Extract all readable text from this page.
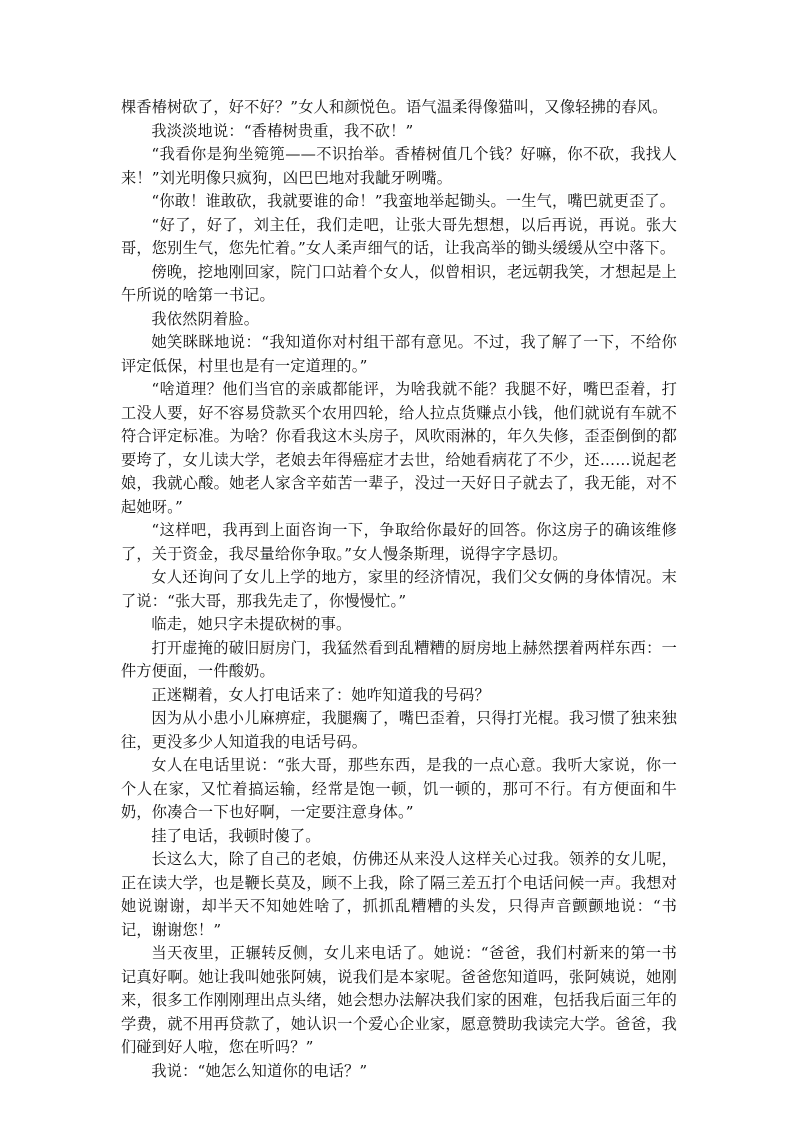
棵香椿树砍了，好不好？”女人和颜悦色。语气温柔得像猫叫，又像轻拂的春风。

我淡淡地说：“香椿树贵重，我不砍！”

“我看你是狗坐箢篼——不识抬举。香椿树值几个钱？好嘛，你不砍，我找人来！”刘光明像只疯狗，凶巴巴地对我龇牙咧嘴。

“你敢！谁敢砍，我就要谁的命！”我蛮地举起锄头。一生气，嘴巴就更歪了。

“好了，好了，刘主任，我们走吧，让张大哥先想想，以后再说，再说。张大哥，您别生气，您先忙着。”女人柔声细气的话，让我高举的锄头缓缓从空中落下。

傍晚，挖地刚回家，院门口站着个女人，似曾相识，老远朝我笑，才想起是上午所说的啥第一书记。

我依然阴着脸。

她笑眯眯地说：“我知道你对村组干部有意见。不过，我了解了一下，不给你评定低保，村里也是有一定道理的。”

“啥道理？他们当官的亲戚都能评，为啥我就不能？我腿不好，嘴巴歪着，打工没人要，好不容易贷款买个农用四轮，给人拉点货赚点小钱，他们就说有车就不符合评定标准。为啥？你看我这木头房子，风吹雨淋的，年久失修，歪歪倒倒的都要垮了，女儿读大学，老娘去年得癌症才去世，给她看病花了不少，还……说起老娘，我就心酸。她老人家含辛茹苦一辈子，没过一天好日子就去了，我无能，对不起她呀。”

“这样吧，我再到上面咨询一下，争取给你最好的回答。你这房子的确该维修了，关于资金，我尽量给你争取。”女人慢条斯理，说得字字恳切。

女人还询问了女儿上学的地方，家里的经济情况，我们父女俩的身体情况。末了说：“张大哥，那我先走了，你慢慢忙。”

临走，她只字未提砍树的事。

打开虚掩的破旧厨房门，我猛然看到乱糟糟的厨房地上赫然摆着两样东西：一件方便面，一件酸奶。

正迷糊着，女人打电话来了：她咋知道我的号码？

因为从小患小儿麻痹症，我腿瘸了，嘴巴歪着，只得打光棍。我习惯了独来独往，更没多少人知道我的电话号码。

女人在电话里说：“张大哥，那些东西，是我的一点心意。我听大家说，你一个人在家，又忙着搞运输，经常是饱一顿，饥一顿的，那可不行。有方便面和牛奶，你凑合一下也好啊，一定要注意身体。”

挂了电话，我顿时傻了。

长这么大，除了自己的老娘，仿佛还从来没人这样关心过我。领养的女儿呢，正在读大学，也是鞭长莫及，顾不上我，除了隔三差五打个电话问候一声。我想对她说谢谢，却半天不知她姓啥了，抓抓乱糟糟的头发，只得声音颤颤地说：“书记，谢谢您！”

当天夜里，正辗转反侧，女儿来电话了。她说：“爸爸，我们村新来的第一书记真好啊。她让我叫她张阿姨，说我们是本家呢。爸爸您知道吗，张阿姨说，她刚来，很多工作刚刚理出点头绪，她会想办法解决我们家的困难，包括我后面三年的学费，就不用再贷款了，她认识一个爱心企业家，愿意赞助我读完大学。爸爸，我们碰到好人啦，您在听吗？”

我说：“她怎么知道你的电话？”
